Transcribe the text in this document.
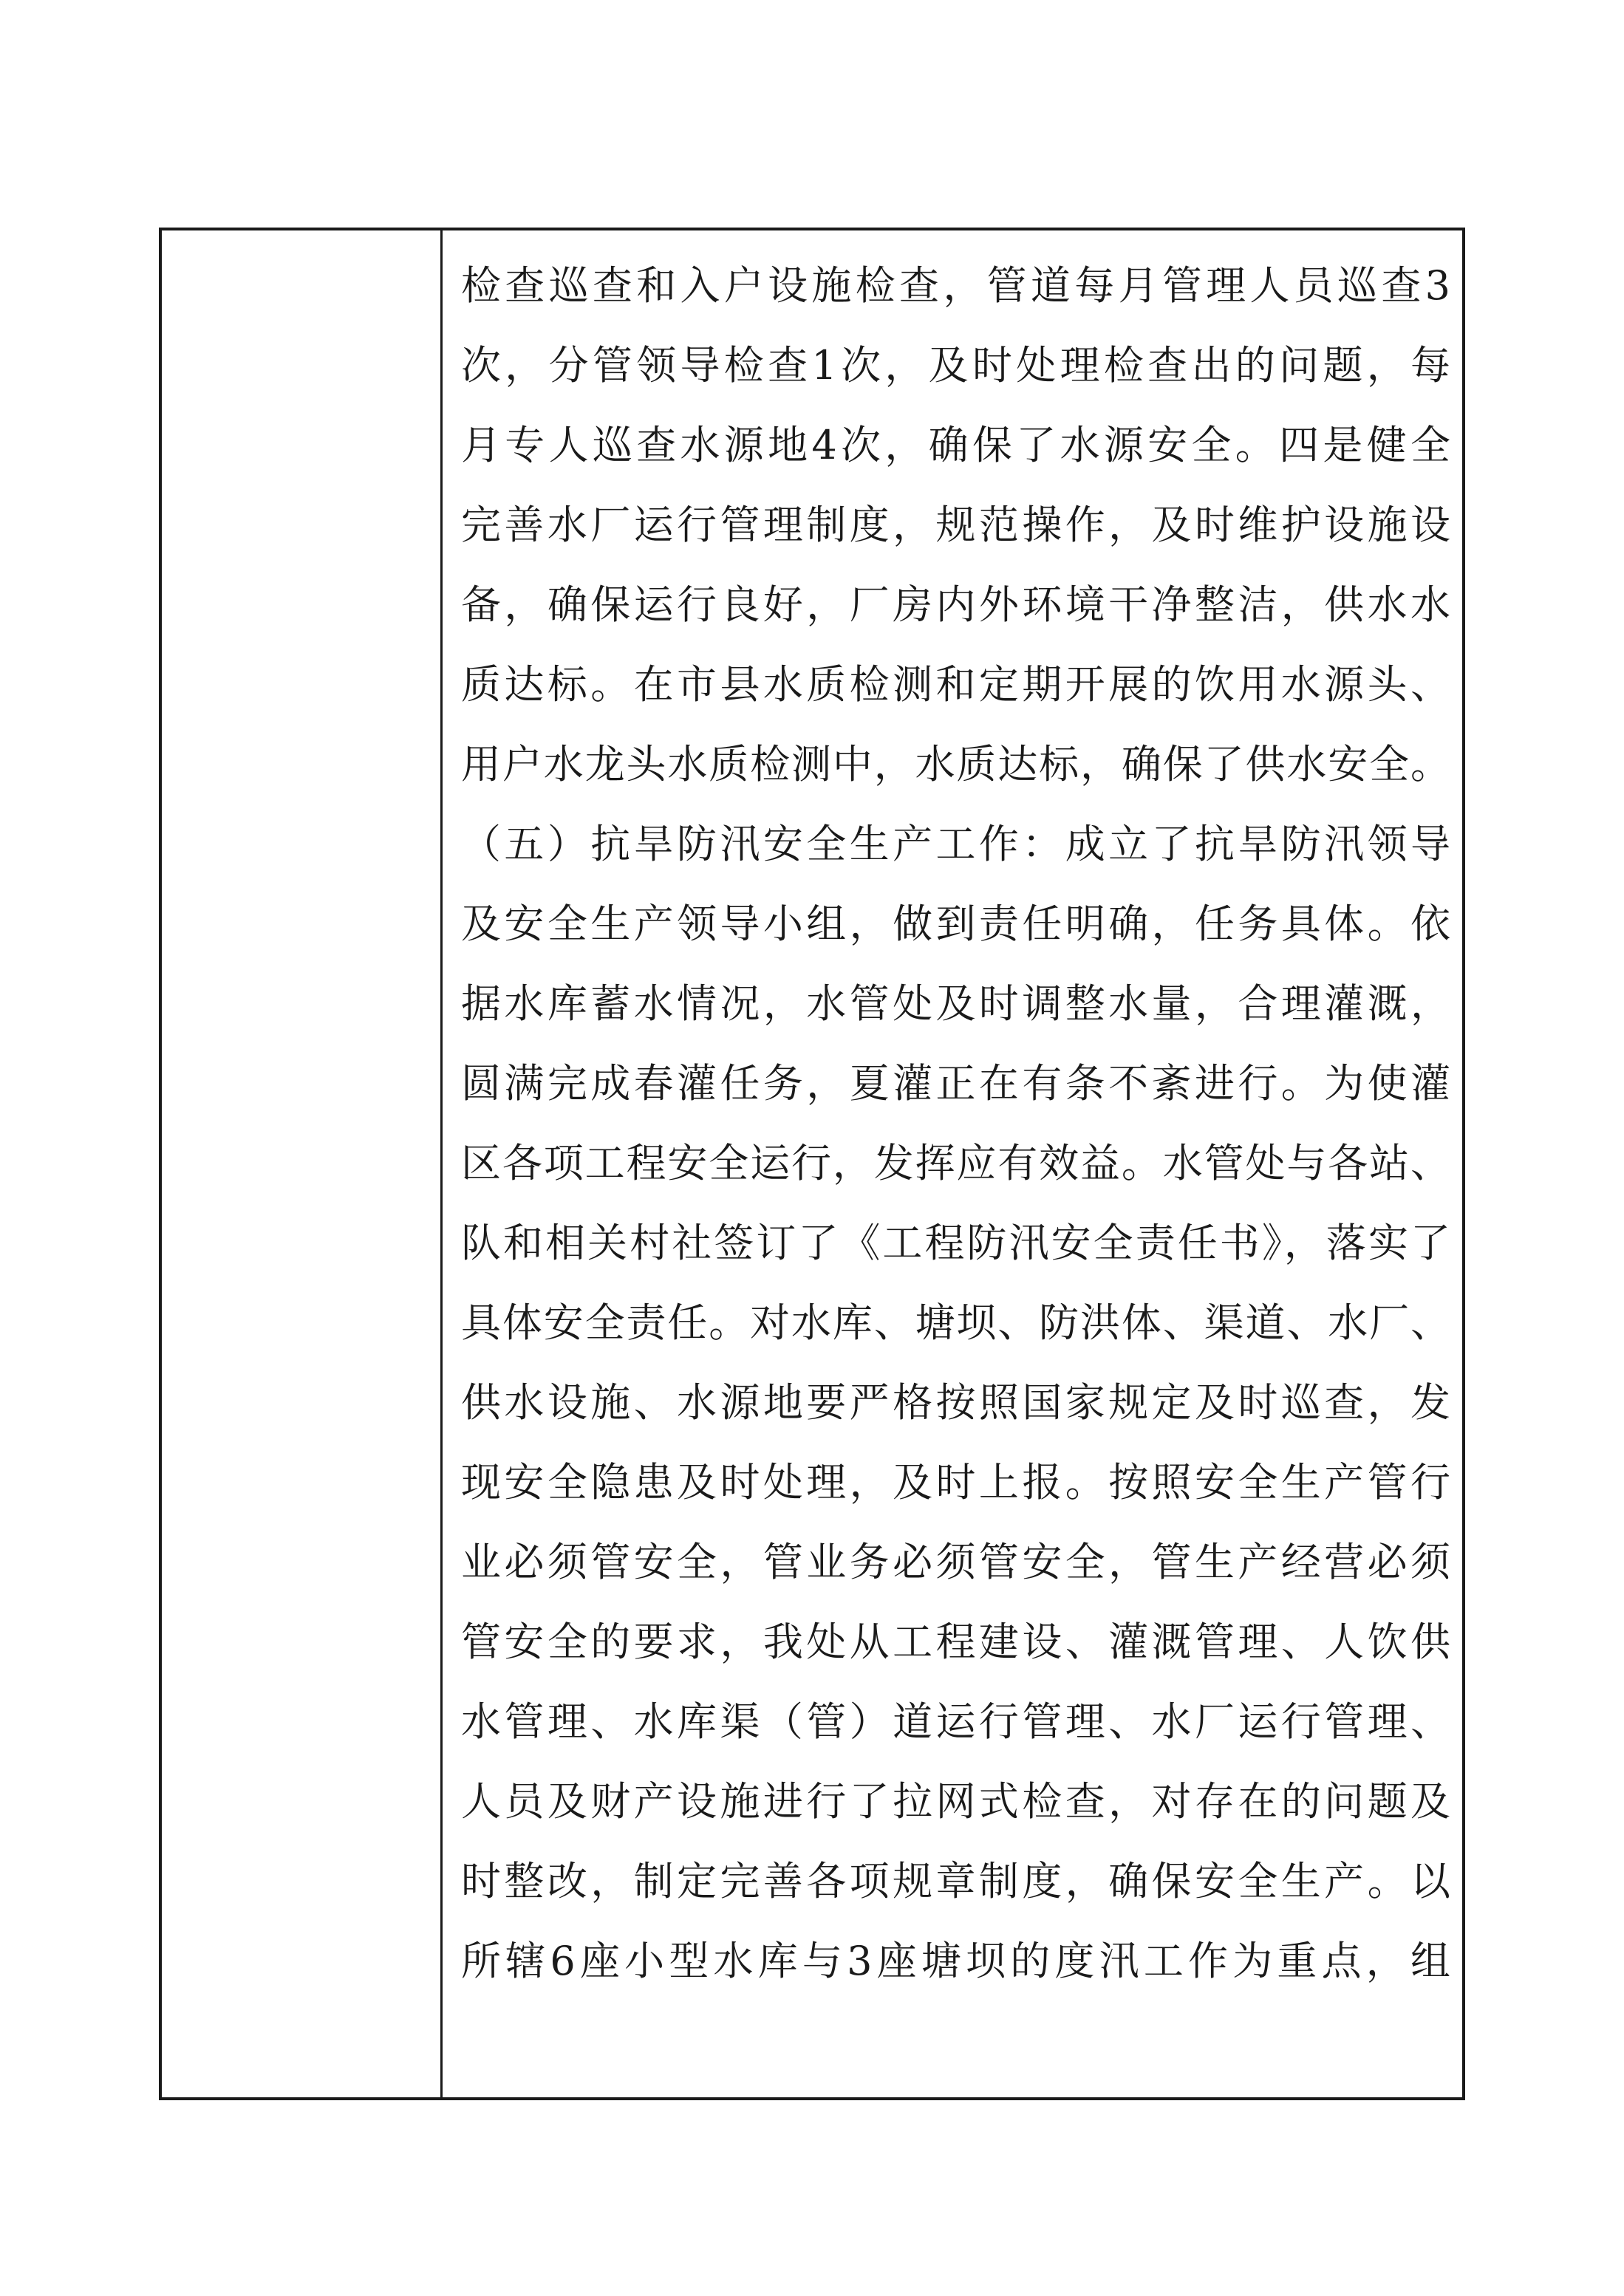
检查巡查和入户设施检查，管道每月管理人员巡查3
次，分管领导检查1次，及时处理检查出的问题，每
月专人巡查水源地4次，确保了水源安全。四是健全
完善水厂运行管理制度，规范操作，及时维护设施设
备，确保运行良好，厂房内外环境干净整洁，供水水
质达标。在市县水质检测和定期开展的饮用水源头、
用户水龙头水质检测中，水质达标，确保了供水安全。
（五）抗旱防汛安全生产工作：成立了抗旱防汛领导
及安全生产领导小组，做到责任明确，任务具体。依
据水库蓄水情况，水管处及时调整水量，合理灌溉，
圆满完成春灌任务，夏灌正在有条不紊进行。为使灌
区各项工程安全运行，发挥应有效益。水管处与各站、
队和相关村社签订了《工程防汛安全责任书》，落实了
具体安全责任。对水库、塘坝、防洪体、渠道、水厂、
供水设施、水源地要严格按照国家规定及时巡查，发
现安全隐患及时处理，及时上报。按照安全生产管行
业必须管安全，管业务必须管安全，管生产经营必须
管安全的要求，我处从工程建设、灌溉管理、人饮供
水管理、水库渠（管）道运行管理、水厂运行管理、
人员及财产设施进行了拉网式检查，对存在的问题及
时整改，制定完善各项规章制度，确保安全生产。以
所辖6座小型水库与3座塘坝的度汛工作为重点，组
